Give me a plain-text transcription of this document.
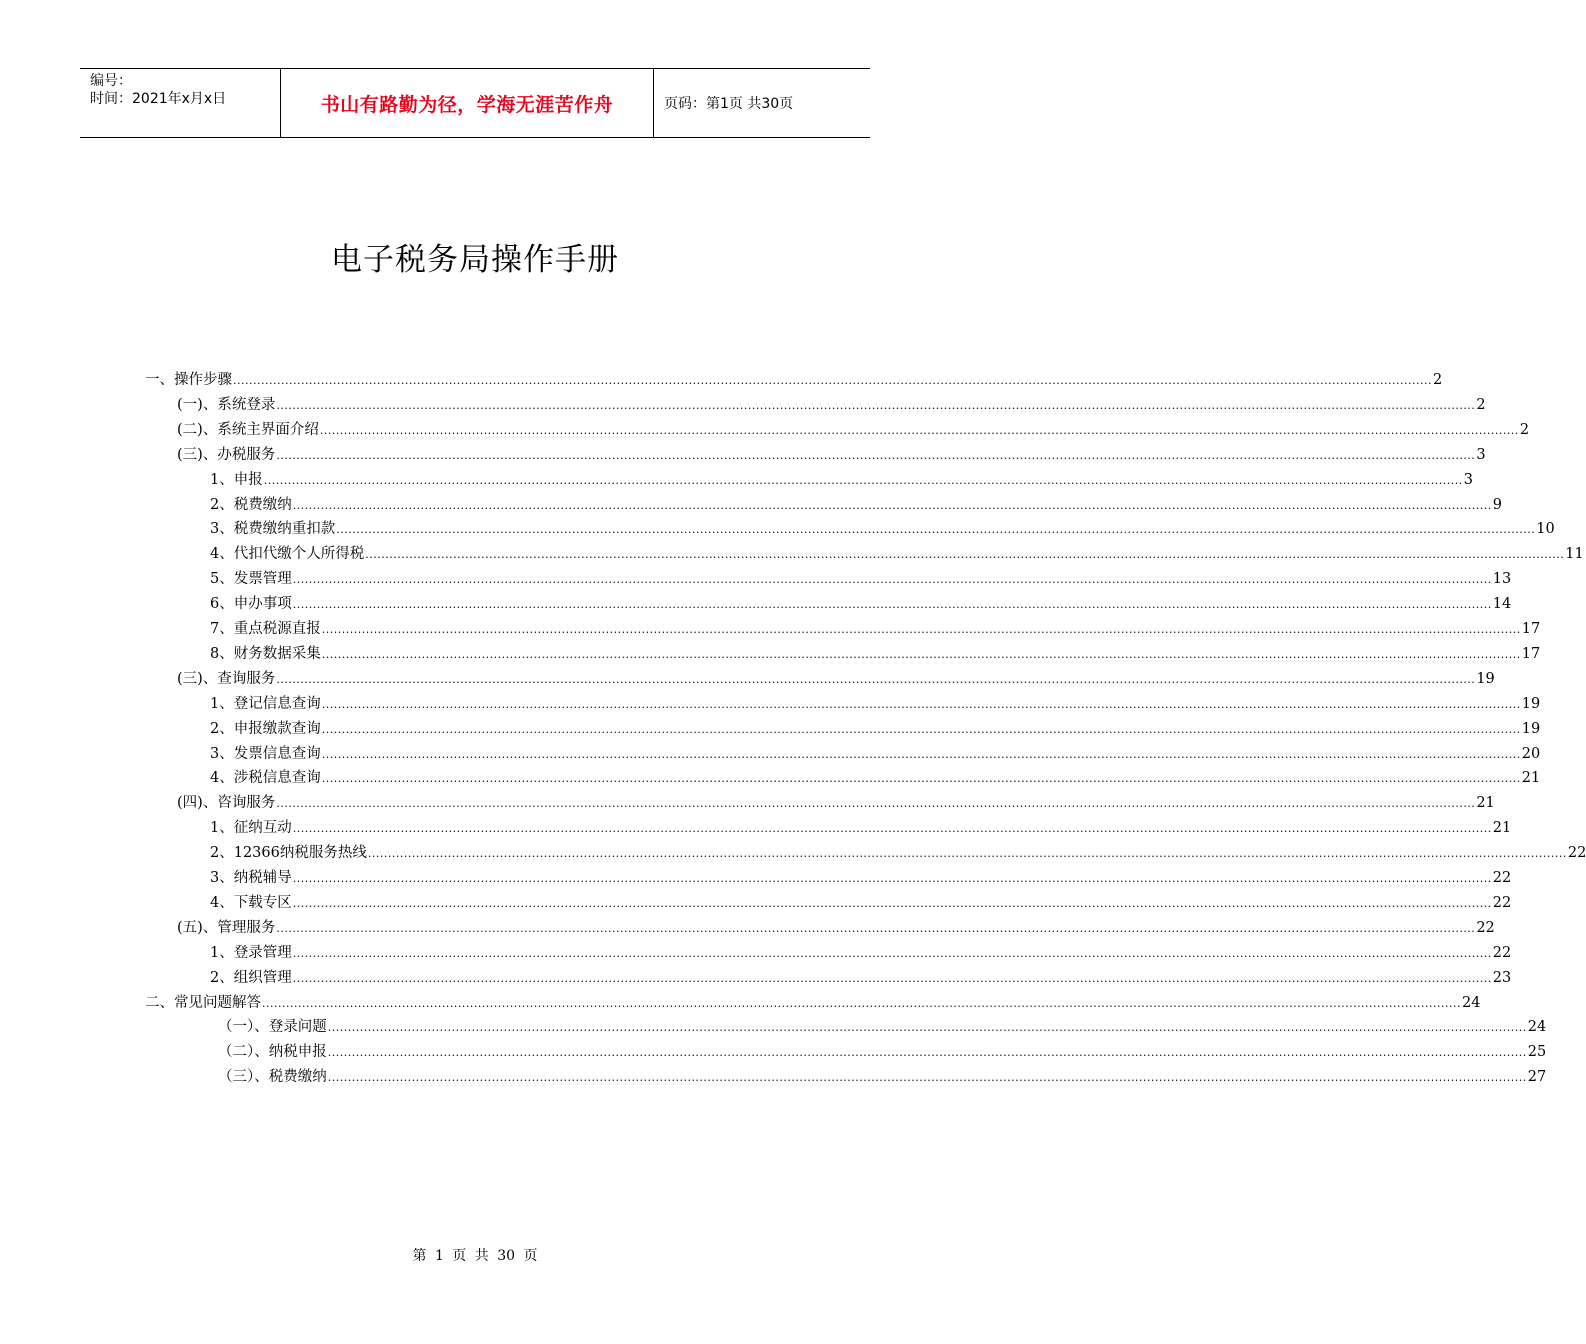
编号：
时间：2021年x月x日	书山有路勤为径，学海无涯苦作舟	页码：第1页 共30页
电子税务局操作手册
一、操作步骤 ............................................................................................................................................................................................................................................................................................................ 2
(一)、系统登录 ............................................................................................................................................................................................................................................................................................................ 2
(二)、系统主界面介绍 ............................................................................................................................................................................................................................................................................................................ 2
(三)、办税服务 ............................................................................................................................................................................................................................................................................................................ 3
1、申报 ............................................................................................................................................................................................................................................................................................................ 3
2、税费缴纳 ............................................................................................................................................................................................................................................................................................................ 9
3、税费缴纳重扣款 ............................................................................................................................................................................................................................................................................................................ 10
4、代扣代缴个人所得税 ............................................................................................................................................................................................................................................................................................................ 11
5、发票管理 ............................................................................................................................................................................................................................................................................................................ 13
6、申办事项 ............................................................................................................................................................................................................................................................................................................ 14
7、重点税源直报 ............................................................................................................................................................................................................................................................................................................ 17
8、财务数据采集 ............................................................................................................................................................................................................................................................................................................ 17
(三)、查询服务 ............................................................................................................................................................................................................................................................................................................ 19
1、登记信息查询 ............................................................................................................................................................................................................................................................................................................ 19
2、申报缴款查询 ............................................................................................................................................................................................................................................................................................................ 19
3、发票信息查询 ............................................................................................................................................................................................................................................................................................................ 20
4、涉税信息查询 ............................................................................................................................................................................................................................................................................................................ 21
(四)、咨询服务 ............................................................................................................................................................................................................................................................................................................ 21
1、征纳互动 ............................................................................................................................................................................................................................................................................................................ 21
2、12366纳税服务热线 ............................................................................................................................................................................................................................................................................................................ 22
3、纳税辅导 ............................................................................................................................................................................................................................................................................................................ 22
4、下载专区 ............................................................................................................................................................................................................................................................................................................ 22
(五)、管理服务 ............................................................................................................................................................................................................................................................................................................ 22
1、登录管理 ............................................................................................................................................................................................................................................................................................................ 22
2、组织管理 ............................................................................................................................................................................................................................................................................................................ 23
二、常见问题解答 ............................................................................................................................................................................................................................................................................................................ 24
（一）、登录问题 ............................................................................................................................................................................................................................................................................................................ 24
（二）、纳税申报 ............................................................................................................................................................................................................................................................................................................ 25
（三）、税费缴纳 ............................................................................................................................................................................................................................................................................................................ 27
第 1 页 共 30 页
